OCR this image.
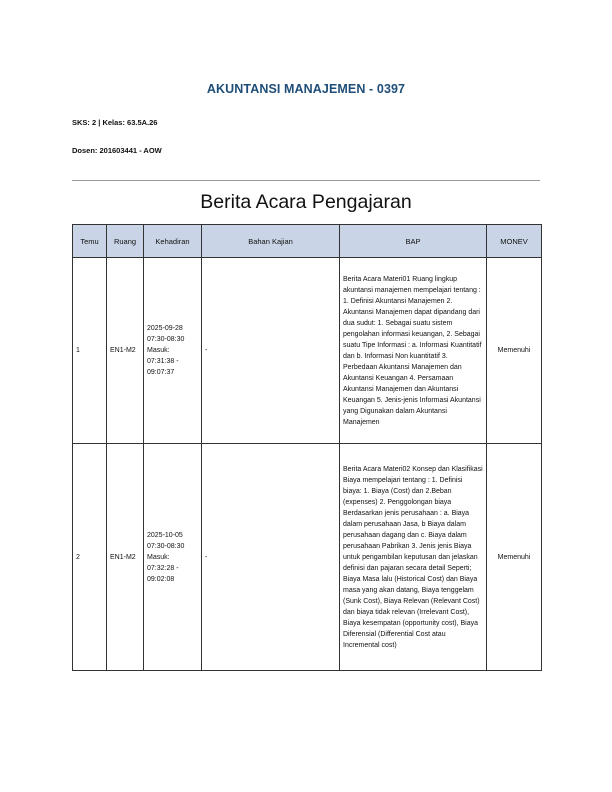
AKUNTANSI MANAJEMEN - 0397
SKS: 2 | Kelas: 63.5A.26
Dosen: 201603441 - AOW
Berita Acara Pengajaran
Temu	Ruang	Kehadiran	Bahan Kajian	BAP	MONEV
1	EN1-M2	2025-09-28 07:30-08:30 Masuk: 07:31:38 - 09:07:37	-	Berita Acara Materi01 Ruang lingkup akuntansi manajemen mempelajari tentang : 1. Definisi Akuntansi Manajemen 2. Akuntansi Manajemen dapat dipandang dari dua sudut: 1. Sebagai suatu sistem pengolahan informasi keuangan, 2. Sebagai suatu Tipe Informasi : a. Informasi Kuantitatif dan b. Informasi Non kuantitatif 3. Perbedaan Akuntansi Manajemen dan Akuntansi Keuangan 4. Persamaan Akuntansi Manajemen dan Akuntansi Keuangan 5. Jenis-jenis Informasi Akuntansi yang Digunakan dalam Akuntansi Manajemen	Memenuhi
2	EN1-M2	2025-10-05 07:30-08:30 Masuk: 07:32:28 - 09:02:08	-	Berita Acara Materi02 Konsep dan Klasifikasi Biaya mempelajari tentang : 1. Definisi biaya: 1. Biaya (Cost) dan 2.Beban (expenses) 2. Penggolongan biaya Berdasarkan jenis perusahaan : a. Biaya dalam perusahaan Jasa, b Biaya dalam perusahaan dagang dan c. Biaya dalam perusahaan Pabrikan 3. Jenis jenis Biaya untuk pengambilan keputusan dan jelaskan definisi dan pajaran secara detail Seperti; Biaya Masa lalu (Historical Cost) dan Biaya masa yang akan datang, Biaya tenggelam (Sunk Cost), Biaya Relevan (Relevant Cost) dan biaya tidak relevan (Irrelevant Cost), Biaya kesempatan (opportunity cost), Biaya Diferensial (Differential Cost atau Incremental cost)	Memenuhi
